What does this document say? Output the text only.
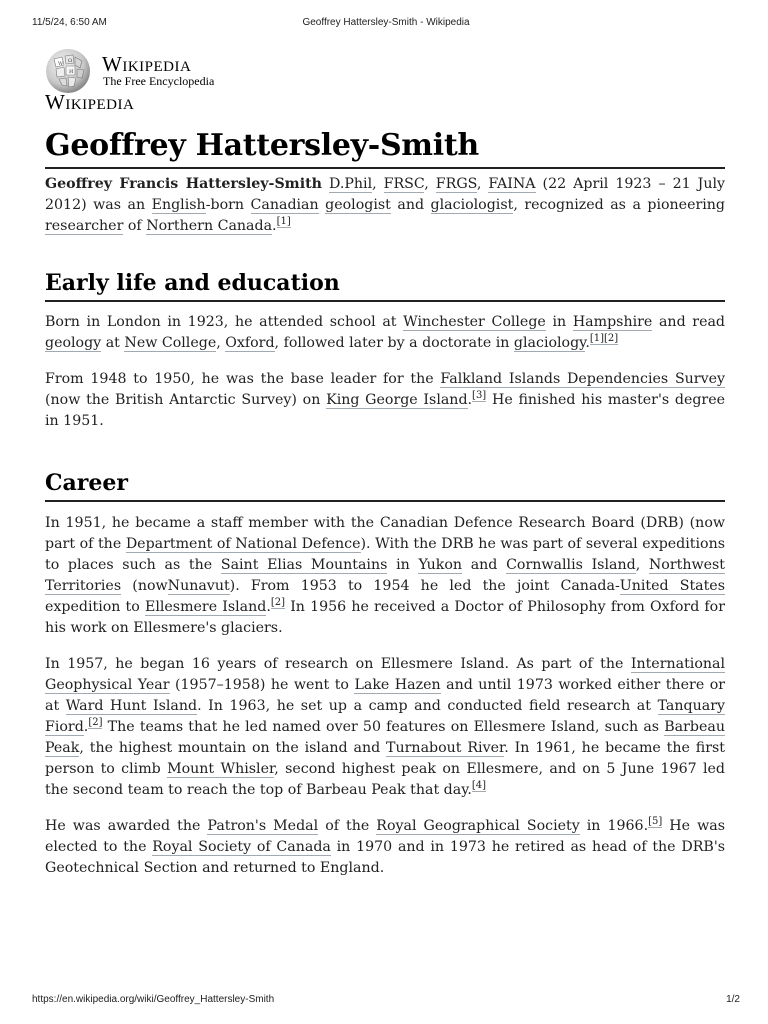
11/5/24, 6:50 AM	Geoffrey Hattersley-Smith - Wikipedia
W Ω
И Wikipedia
The Free Encyclopedia
Wikipedia
Geoffrey Hattersley-Smith

Geoffrey Francis Hattersley-Smith D.Phil, FRSC, FRGS, FAINA (22 April 1923 – 21 July 2012) was an English-born Canadian geologist and glaciologist, recognized as a pioneering researcher of Northern Canada.[1]

Early life and education

Born in London in 1923, he attended school at Winchester College in Hampshire and read geology at New College, Oxford, followed later by a doctorate in glaciology.[1][2]

From 1948 to 1950, he was the base leader for the Falkland Islands Dependencies Survey (now the British Antarctic Survey) on King George Island.[3] He finished his master's degree in 1951.

Career

In 1951, he became a staff member with the Canadian Defence Research Board (DRB) (now part of the Department of National Defence). With the DRB he was part of several expeditions to places such as the Saint Elias Mountains in Yukon and Cornwallis Island, Northwest Territories (nowNunavut). From 1953 to 1954 he led the joint Canada-United States expedition to Ellesmere Island.[2] In 1956 he received a Doctor of Philosophy from Oxford for his work on Ellesmere's glaciers.

In 1957, he began 16 years of research on Ellesmere Island. As part of the International Geophysical Year (1957–1958) he went to Lake Hazen and until 1973 worked either there or at Ward Hunt Island. In 1963, he set up a camp and conducted field research at Tanquary Fiord.[2] The teams that he led named over 50 features on Ellesmere Island, such as Barbeau Peak, the highest mountain on the island and Turnabout River. In 1961, he became the first person to climb Mount Whisler, second highest peak on Ellesmere, and on 5 June 1967 led the second team to reach the top of Barbeau Peak that day.[4]

He was awarded the Patron's Medal of the Royal Geographical Society in 1966.[5] He was elected to the Royal Society of Canada in 1970 and in 1973 he retired as head of the DRB's Geotechnical Section and returned to England.

https://en.wikipedia.org/wiki/Geoffrey_Hattersley-Smith	1/2
